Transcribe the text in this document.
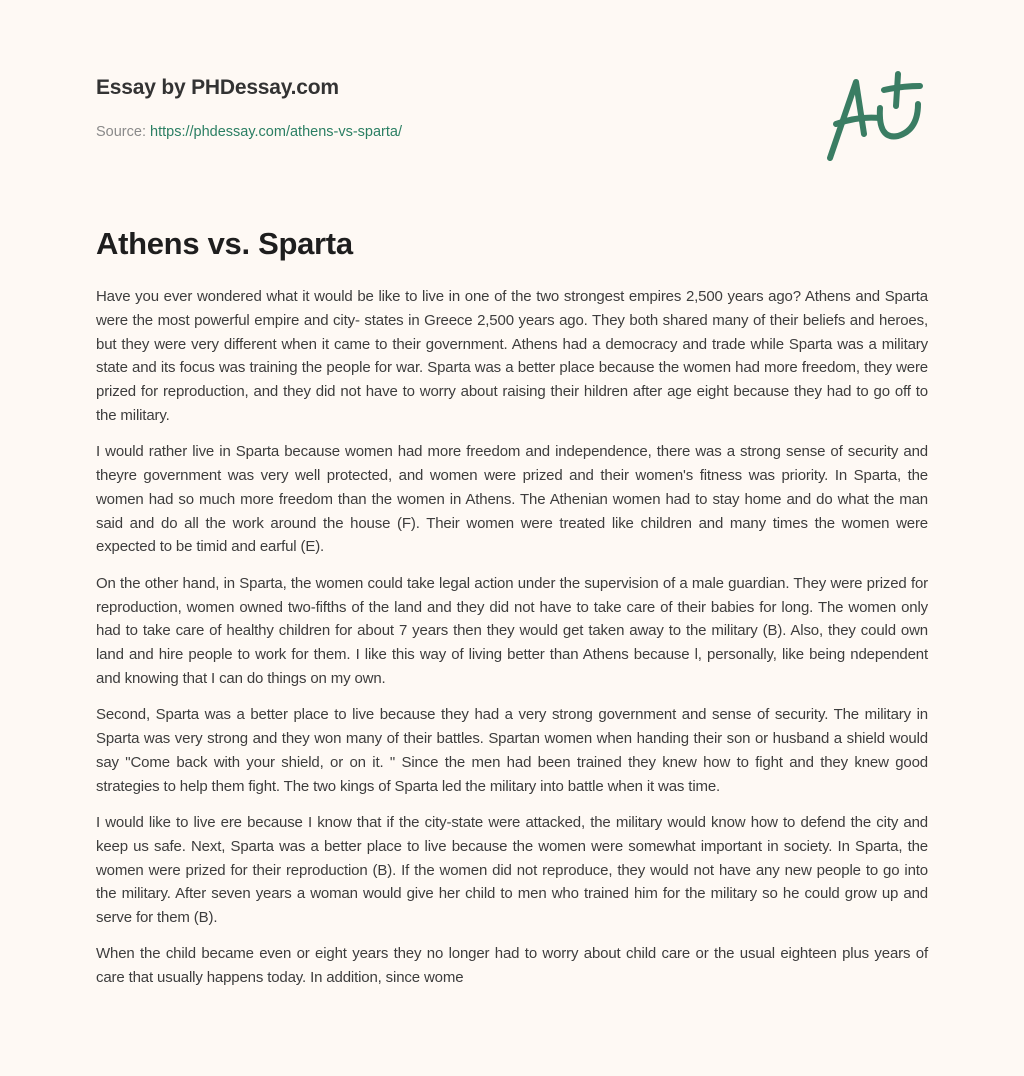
Essay by PHDessay.com
Source: https://phdessay.com/athens-vs-sparta/
Athens vs. Sparta

Have you ever wondered what it would be like to live in one of the two strongest empires 2,500 years ago? Athens and Sparta were the most powerful empire and city- states in Greece 2,500 years ago. They both shared many of their beliefs and heroes, but they were very different when it came to their government. Athens had a democracy and trade while Sparta was a military state and its focus was training the people for war. Sparta was a better place because the women had more freedom, they were prized for reproduction, and they did not have to worry about raising their hildren after age eight because they had to go off to the military.

I would rather live in Sparta because women had more freedom and independence, there was a strong sense of security and theyre government was very well protected, and women were prized and their women's fitness was priority. In Sparta, the women had so much more freedom than the women in Athens. The Athenian women had to stay home and do what the man said and do all the work around the house (F). Their women were treated like children and many times the women were expected to be timid and earful (E).

On the other hand, in Sparta, the women could take legal action under the supervision of a male guardian. They were prized for reproduction, women owned two-fifths of the land and they did not have to take care of their babies for long. The women only had to take care of healthy children for about 7 years then they would get taken away to the military (B). Also, they could own land and hire people to work for them. I like this way of living better than Athens because l, personally, like being ndependent and knowing that I can do things on my own.

Second, Sparta was a better place to live because they had a very strong government and sense of security. The military in Sparta was very strong and they won many of their battles. Spartan women when handing their son or husband a shield would say "Come back with your shield, or on it. " Since the men had been trained they knew how to fight and they knew good strategies to help them fight. The two kings of Sparta led the military into battle when it was time.

I would like to live ere because I know that if the city-state were attacked, the military would know how to defend the city and keep us safe. Next, Sparta was a better place to live because the women were somewhat important in society. In Sparta, the women were prized for their reproduction (B). If the women did not reproduce, they would not have any new people to go into the military. After seven years a woman would give her child to men who trained him for the military so he could grow up and serve for them (B).

When the child became even or eight years they no longer had to worry about child care or the usual eighteen plus years of care that usually happens today. In addition, since wome
